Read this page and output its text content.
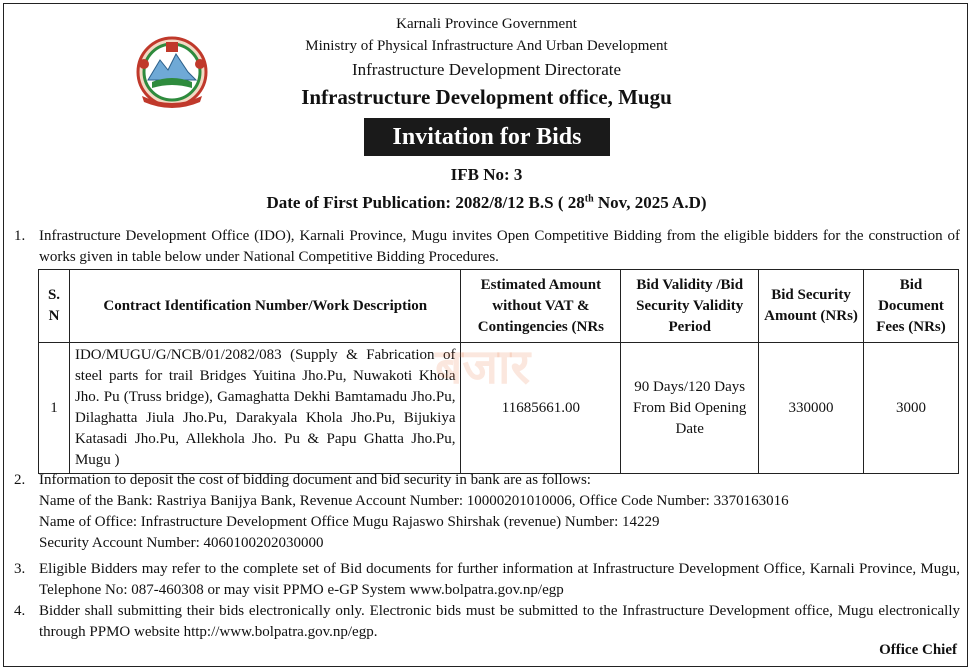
Karnali Province Government
Ministry of Physical Infrastructure And Urban Development
Infrastructure Development Directorate
Infrastructure Development office, Mugu
Invitation for Bids
IFB No: 3
Date of First Publication: 2082/8/12 B.S ( 28th Nov, 2025 A.D)
1. Infrastructure Development Office (IDO), Karnali Province, Mugu invites Open Competitive Bidding from the eligible bidders for the construction of works given in table below under National Competitive Bidding Procedures.
S. N	Contract Identification Number/Work Description	Estimated Amount without VAT & Contingencies (NRs	Bid Validity /Bid Security Validity Period	Bid Security Amount (NRs)	Bid Document Fees (NRs)
1	IDO/MUGU/G/NCB/01/2082/083 (Supply & Fabrication of steel parts for trail Bridges Yuitina Jho.Pu, Nuwakoti Khola Jho. Pu (Truss bridge), Gamaghatta Dekhi Bamtamadu Jho.Pu, Dilaghatta Jiula Jho.Pu, Darakyala Khola Jho.Pu, Bijukiya Katasadi Jho.Pu, Allekhola Jho. Pu & Papu Ghatta Jho.Pu, Mugu )	11685661.00	90 Days/120 Days From Bid Opening Date	330000	3000
बजार
2. Information to deposit the cost of bidding document and bid security in bank are as follows:
Name of the Bank: Rastriya Banijya Bank, Revenue Account Number: 10000201010006, Office Code Number: 3370163016
Name of Office: Infrastructure Development Office Mugu Rajaswo Shirshak (revenue) Number: 14229
Security Account Number: 4060100202030000
3. Eligible Bidders may refer to the complete set of Bid documents for further information at Infrastructure Development Office, Karnali Province, Mugu, Telephone No: 087-460308 or may visit PPMO e-GP System www.bolpatra.gov.np/egp
4. Bidder shall submitting their bids electronically only. Electronic bids must be submitted to the Infrastructure Development office, Mugu electronically through PPMO website http://www.bolpatra.gov.np/egp.
Office Chief
